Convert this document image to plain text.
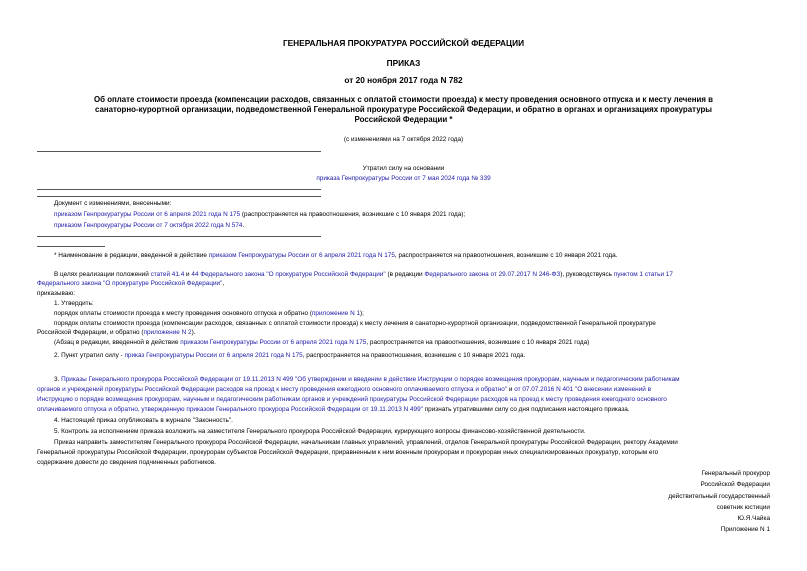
ГЕНЕРАЛЬНАЯ ПРОКУРАТУРА РОССИЙСКОЙ ФЕДЕРАЦИИ
ПРИКАЗ
от 20 ноября 2017 года N 782
Об оплате стоимости проезда (компенсации расходов, связанных с оплатой стоимости проезда) к месту проведения основного отпуска и к месту лечения в
санаторно-курортной организации, подведомственной Генеральной прокуратуре Российской Федерации, и обратно в органах и организациях прокуратуры
Российской Федерации *
(с изменениями на 7 октября 2022 года)
Утратил силу на основании
приказа Генпрокуратуры России от 7 мая 2024 года № 339
Документ с изменениями, внесенными:
приказом Генпрокуратуры России от 6 апреля 2021 года N 175 (распространяется на правоотношения, возникшие с 10 января 2021 года);
приказом Генпрокуратуры России от 7 октября 2022 года N 574.
* Наименование в редакции, введенной в действие приказом Генпрокуратуры России от 6 апреля 2021 года N 175, распространяется на правоотношения, возникшие с 10 января 2021 года.
В целях реализации положений статей 41.4 и 44 Федерального закона "О прокуратуре Российской Федерации" (в редакции Федерального закона от 29.07.2017 N 246-ФЗ), руководствуясь пунктом 1 статьи 17
Федерального закона "О прокуратуре Российской Федерации",
приказываю:
1. Утвердить:
порядок оплаты стоимости проезда к месту проведения основного отпуска и обратно (приложение N 1);
порядок оплаты стоимости проезда (компенсации расходов, связанных с оплатой стоимости проезда) к месту лечения в санаторно-курортной организации, подведомственной Генеральной прокуратуре
Российской Федерации, и обратно (приложение N 2).
(Абзац в редакции, введенной в действие приказом Генпрокуратуры России от 6 апреля 2021 года N 175, распространяется на правоотношения, возникшие с 10 января 2021 года)
2. Пункт утратил силу - приказ Генпрокуратуры России от 6 апреля 2021 года N 175, распространяется на правоотношения, возникшие с 10 января 2021 года.
3. Приказы Генерального прокурора Российской Федерации от 19.11.2013 N 499 "Об утверждении и введении в действие Инструкции о порядке возмещения прокурорам, научным и педагогическим работникам
органов и учреждений прокуратуры Российской Федерации расходов на проезд к месту проведения ежегодного основного оплачиваемого отпуска и обратно" и от 07.07.2016 N 401 "О внесении изменений в
Инструкцию о порядке возмещения прокурорам, научным и педагогическим работникам органов и учреждений прокуратуры Российской Федерации расходов на проезд к месту проведения ежегодного основного
оплачиваемого отпуска и обратно, утвержденную приказом Генерального прокурора Российской Федерации от 19.11.2013 N 499" признать утратившими силу со дня подписания настоящего приказа.
4. Настоящий приказ опубликовать в журнале "Законность".
5. Контроль за исполнением приказа возложить на заместителя Генерального прокурора Российской Федерации, курирующего вопросы финансово-хозяйственной деятельности.
Приказ направить заместителям Генерального прокурора Российской Федерации, начальникам главных управлений, управлений, отделов Генеральной прокуратуры Российской Федерации, ректору Академии
Генеральной прокуратуры Российской Федерации, прокурорам субъектов Российской Федерации, приравненным к ним военным прокурорам и прокурорам иных специализированных прокуратур, которым его
содержание довести до сведения подчиненных работников.
Генеральный прокурор
Российской Федерации
действительный государственный
советник юстиции
Ю.Я.Чайка
Приложение N 1
